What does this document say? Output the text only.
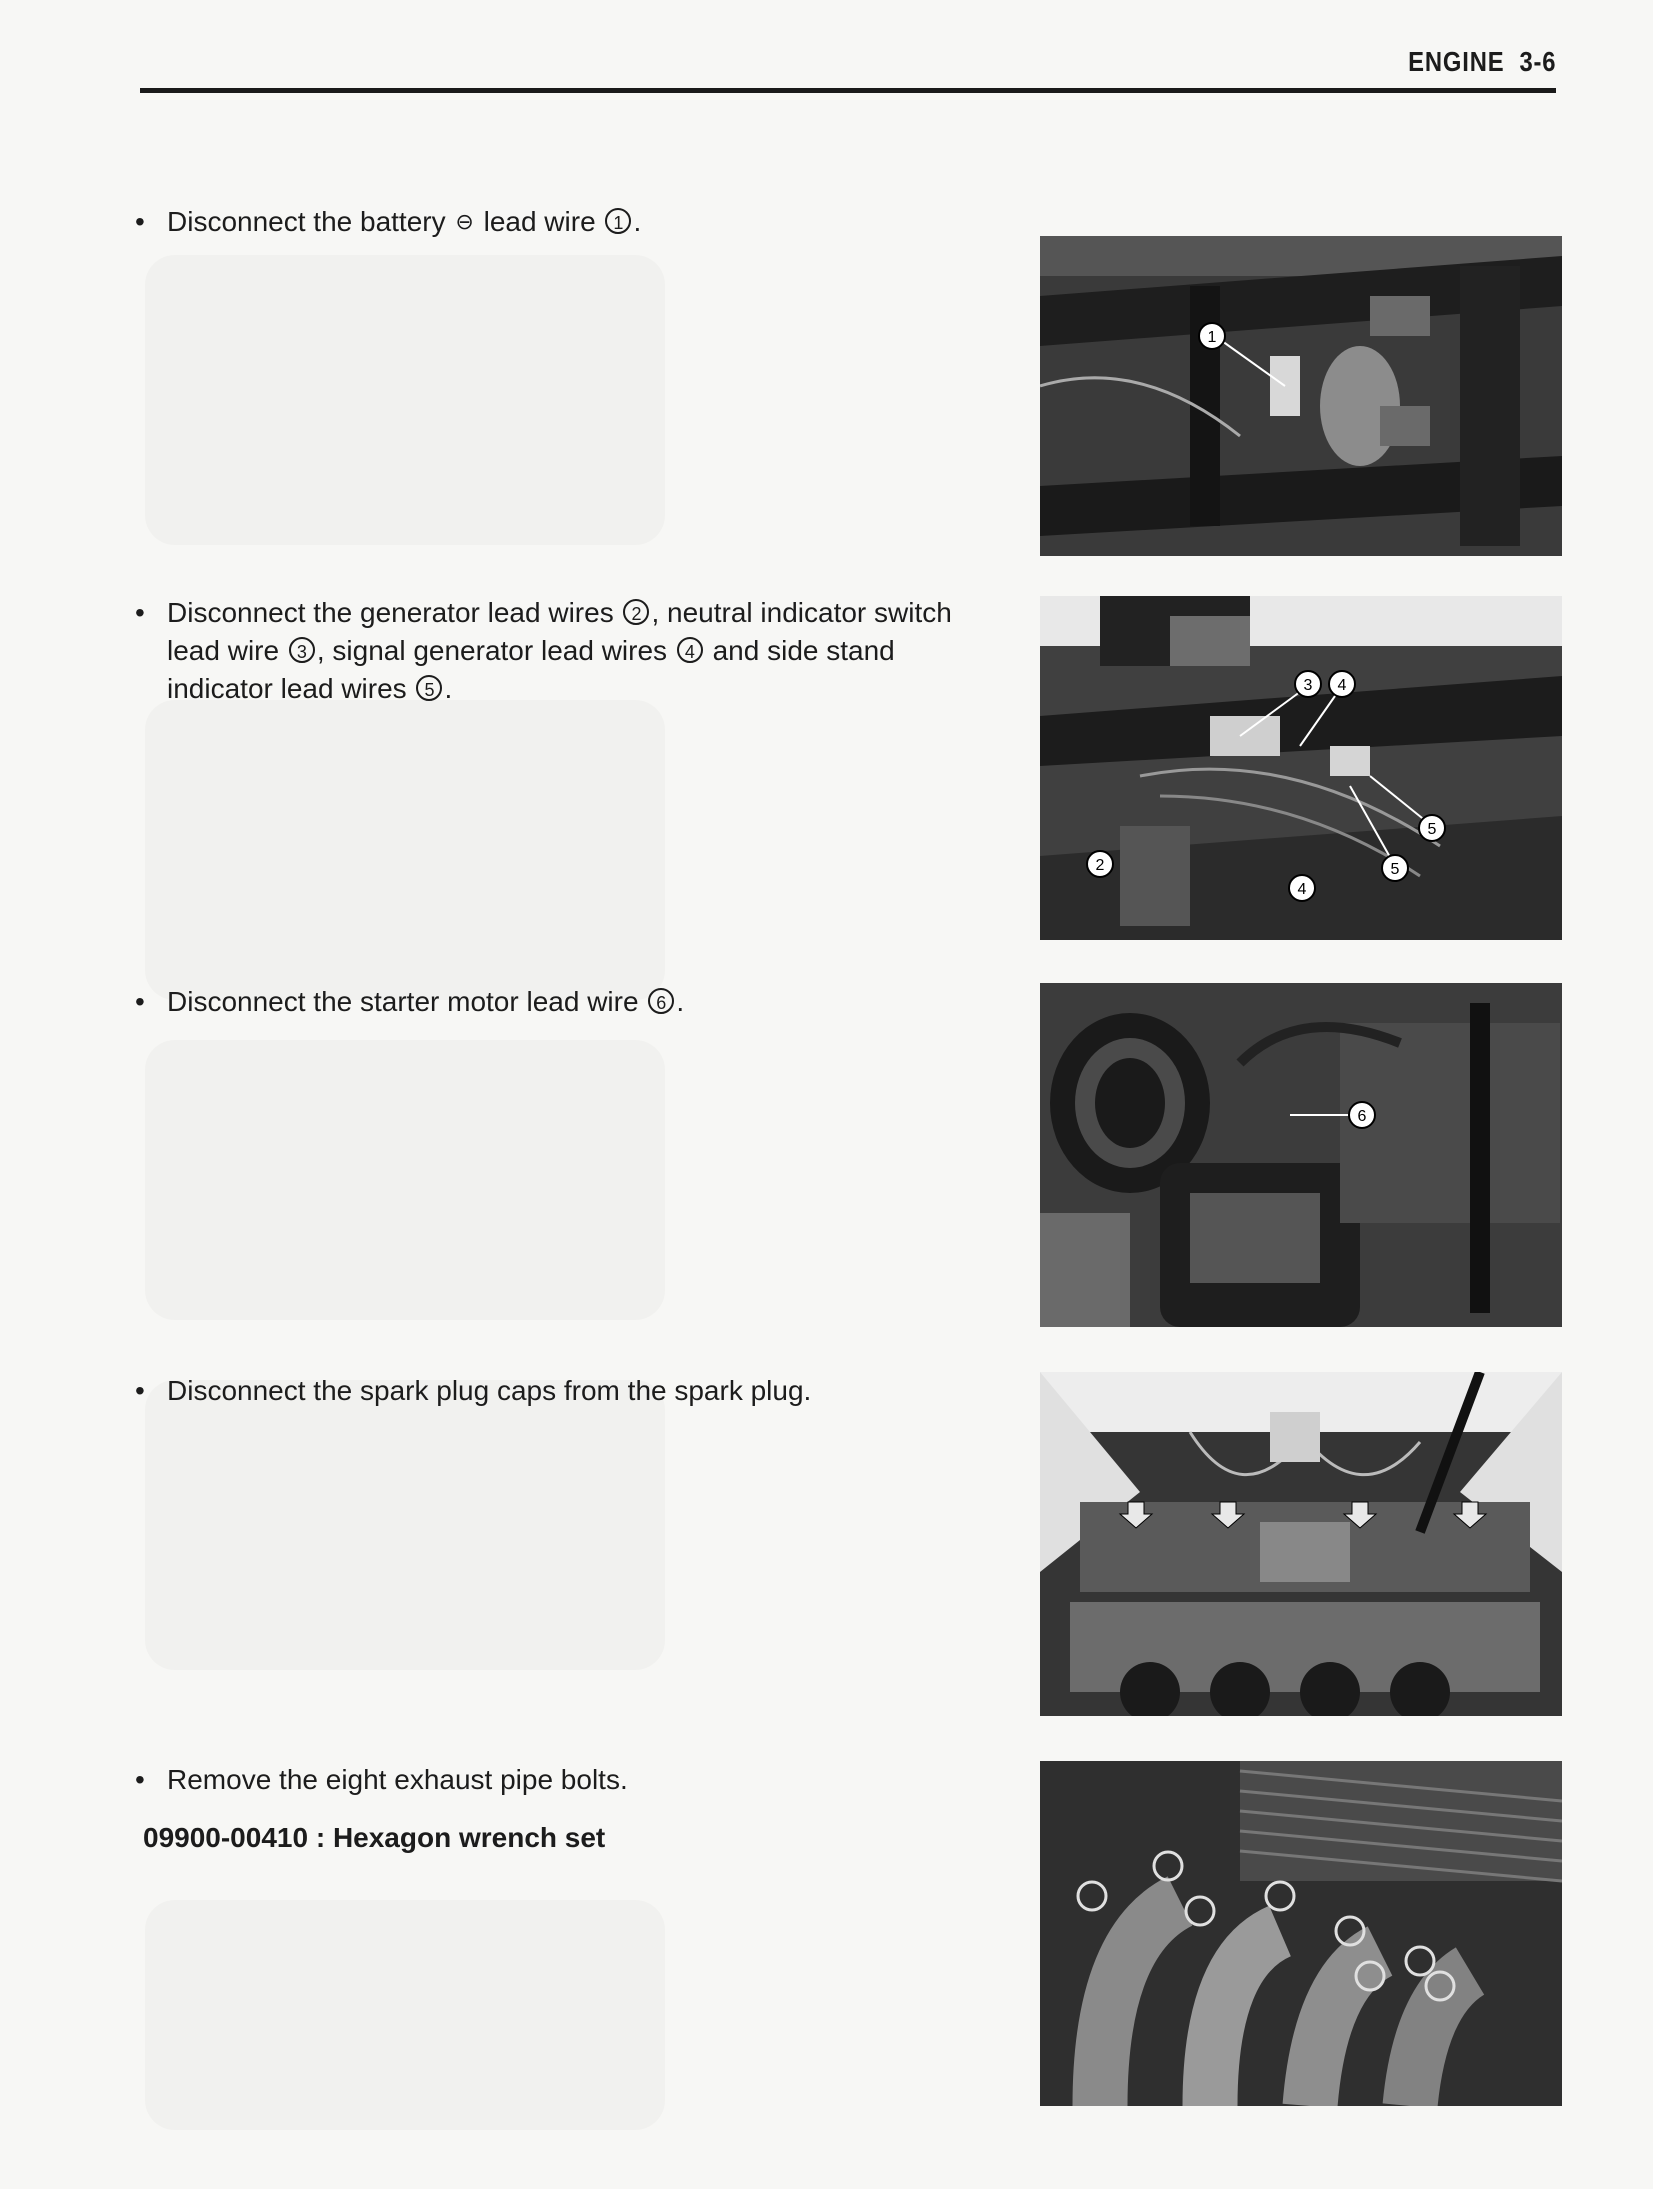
ENGINE 3-6
• Disconnect the battery ⊖ lead wire 1 .
• Disconnect the generator lead wires 2 , neutral indicator switch lead wire 3 , signal generator lead wires 4 and side stand indicator lead wires 5 .
• Disconnect the starter motor lead wire 6 .
• Disconnect the spark plug caps from the spark plug.
• Remove the eight exhaust pipe bolts.
09900-00410 : Hexagon wrench set
1
3 4
2
5
5
4
6
